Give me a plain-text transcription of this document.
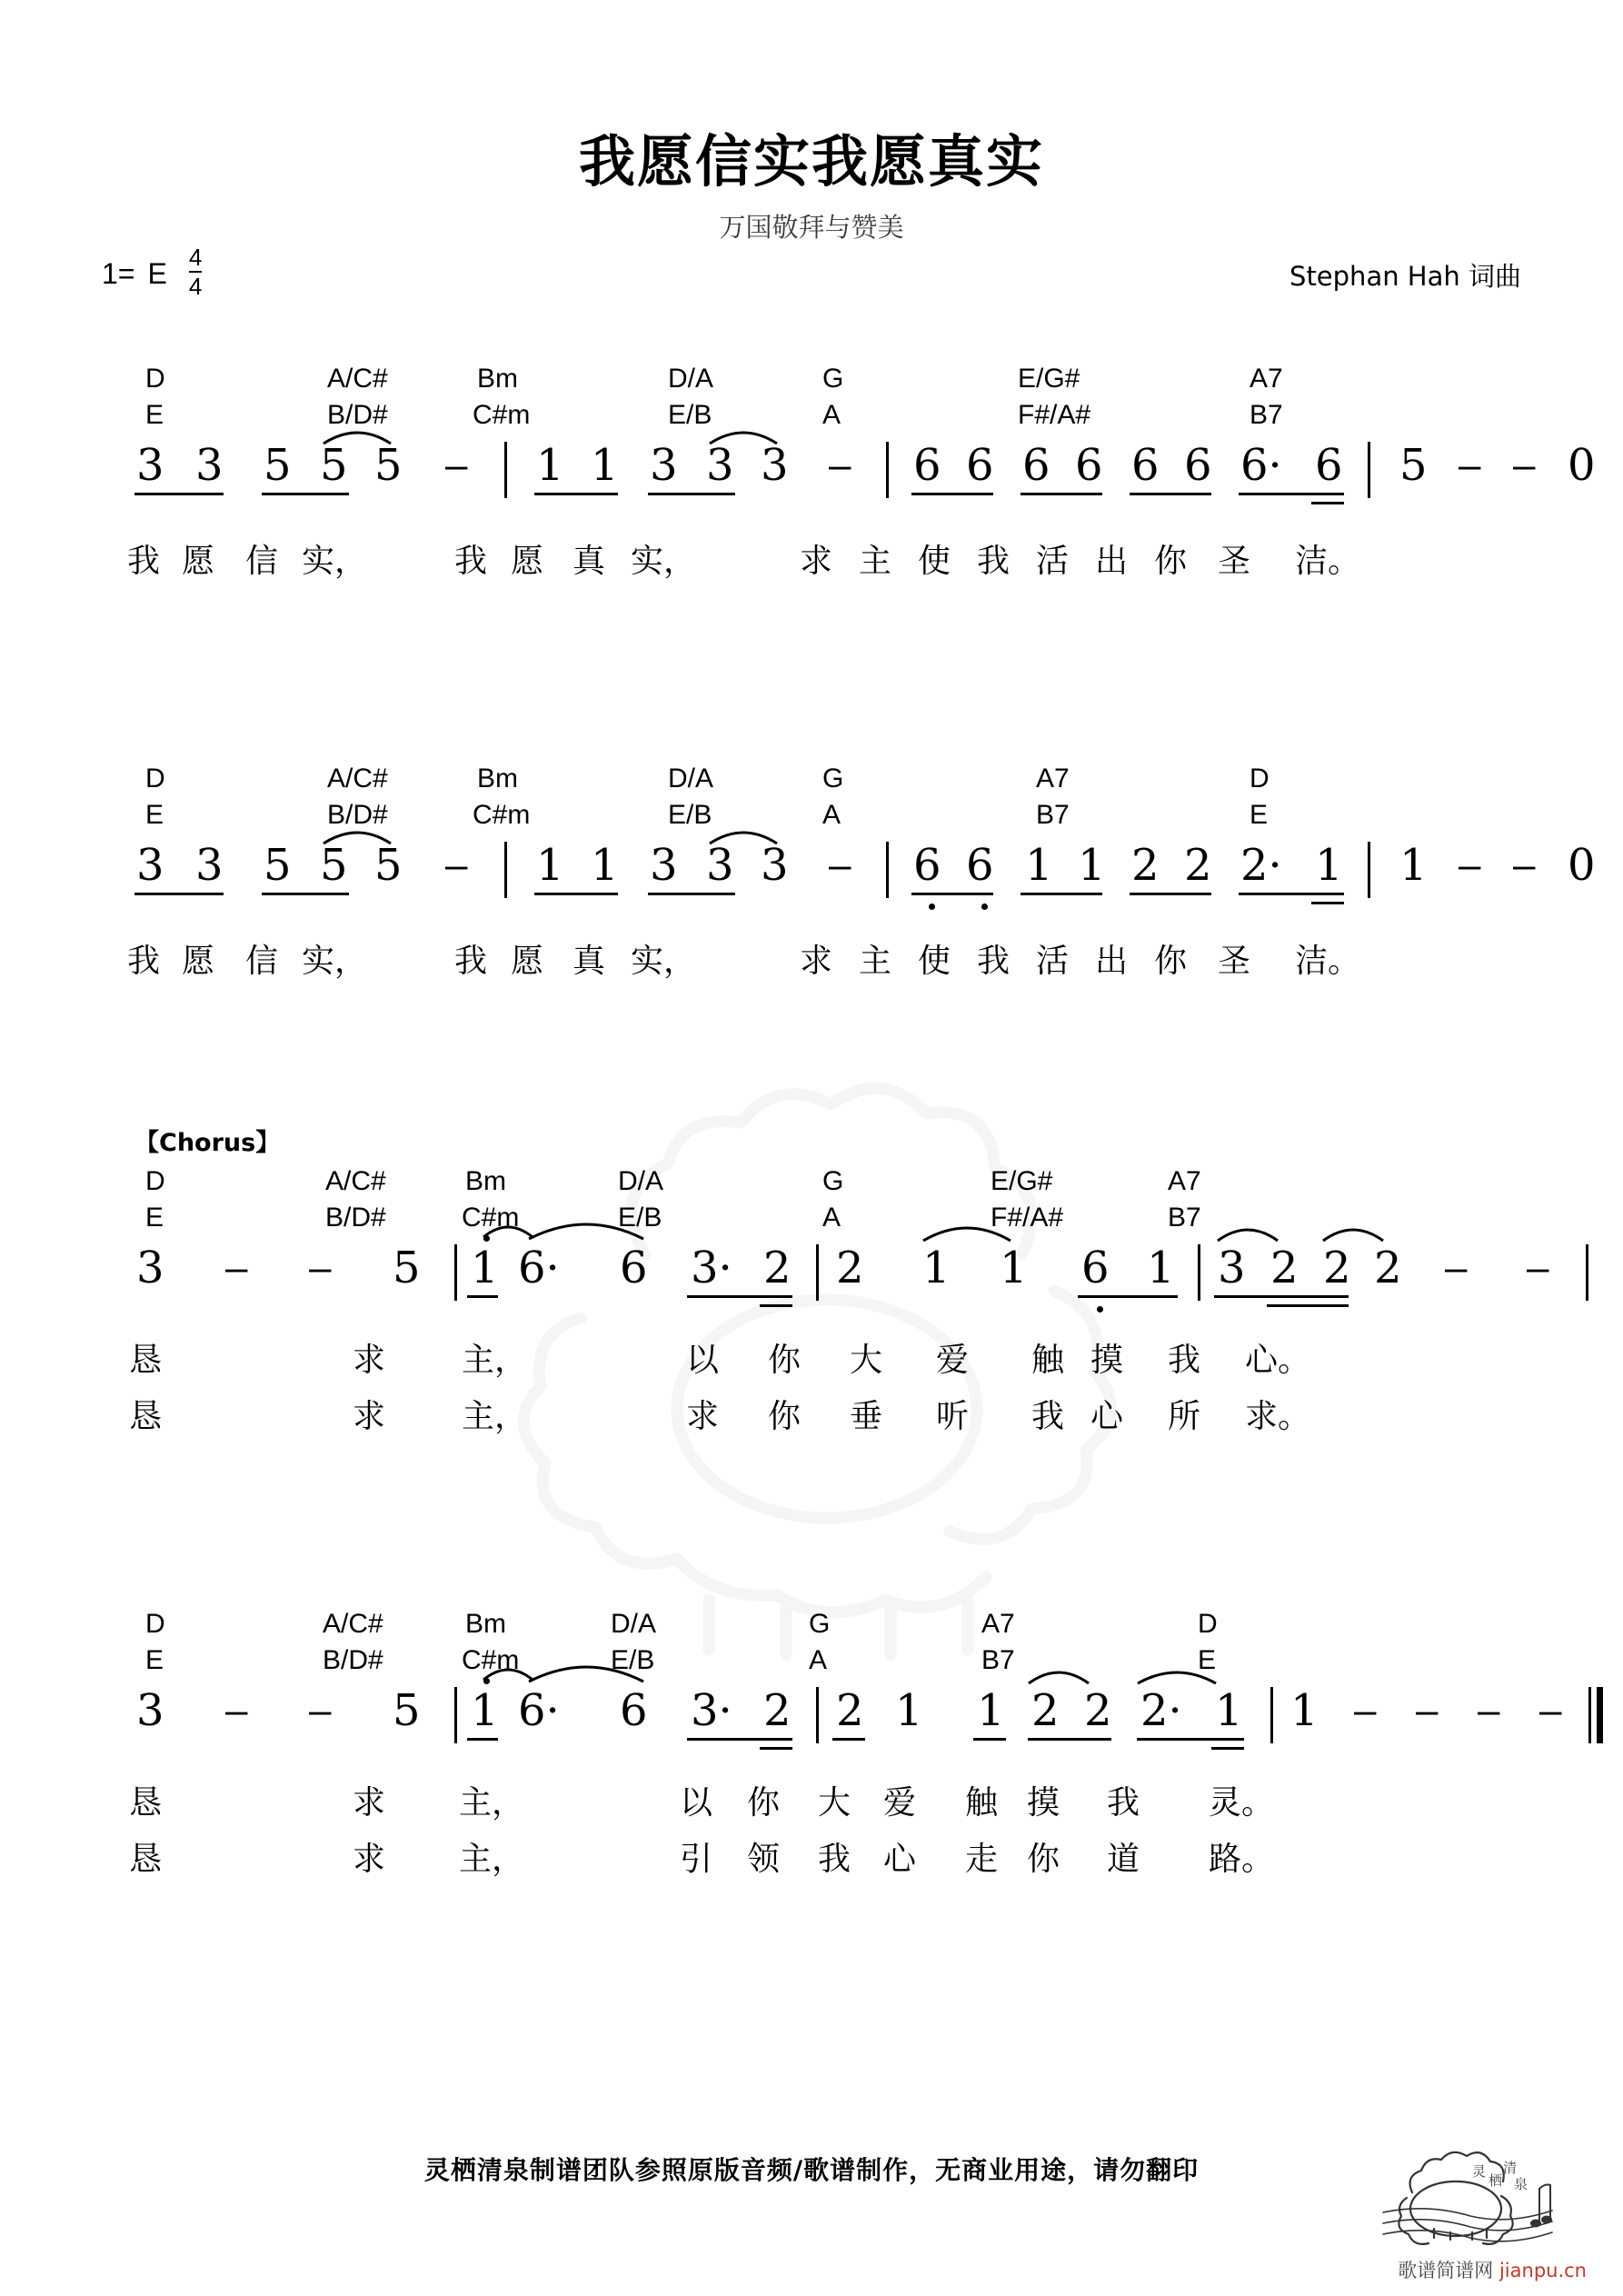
我愿信实我愿真实
万国敬拜与赞美
1= E $\frac{4}{4}$	Stephan Hah 词曲
D	A/C#	Bm	D/A	G	E/G#	A7
E	B/D#	C#m	E/B	A	F#/A#	B7
3 3 5 5 5 – 1 1 3 3 3 – 6 6 6 6 6 6 6· 6 5 – – 0
我 愿 信 实，	我 愿 真 实，	求 主 使 我 活 出 你 圣 洁。
D	A/C#	Bm	D/A	G	A7	D
E	B/D#	C#m	E/B	A	B7	E
3 3 5 5 5 – 1 1 3 3 3 – 6 6 1 1 2 2 2· 1 1 – – 0
我 愿 信 实，	我 愿 真 实，	求 主 使 我 活 出 你 圣 洁。
【Chorus】
D	A/C#	Bm	D/A	G	E/G#	A7
E	B/D#	C#m	E/B	A	F#/A#	B7
3 – – 5 1 6· 6 3· 2 2 1 1 6 1 3 2 2 2 – –
恳	求 主，	以 你 大 爱 触 摸 我 心。
恳	求 主，	求 你 垂 听 我 心 所 求。
D	A/C#	Bm	D/A	G	A7	D
E	B/D#	C#m	E/B	A	B7	E
3 – – 5 1 6· 6 3· 2 2 1 1 2 2 2· 1 1 – – – –
恳	求 主，	以 你 大 爱 触 摸 我 灵。
恳	求 主，	引 领 我 心 走 你 道 路。
灵栖清泉制谱团队参照原版音频/歌谱制作，无商业用途，请勿翻印	灵
栖
清
泉
歌谱简谱网 jianpu.cn
